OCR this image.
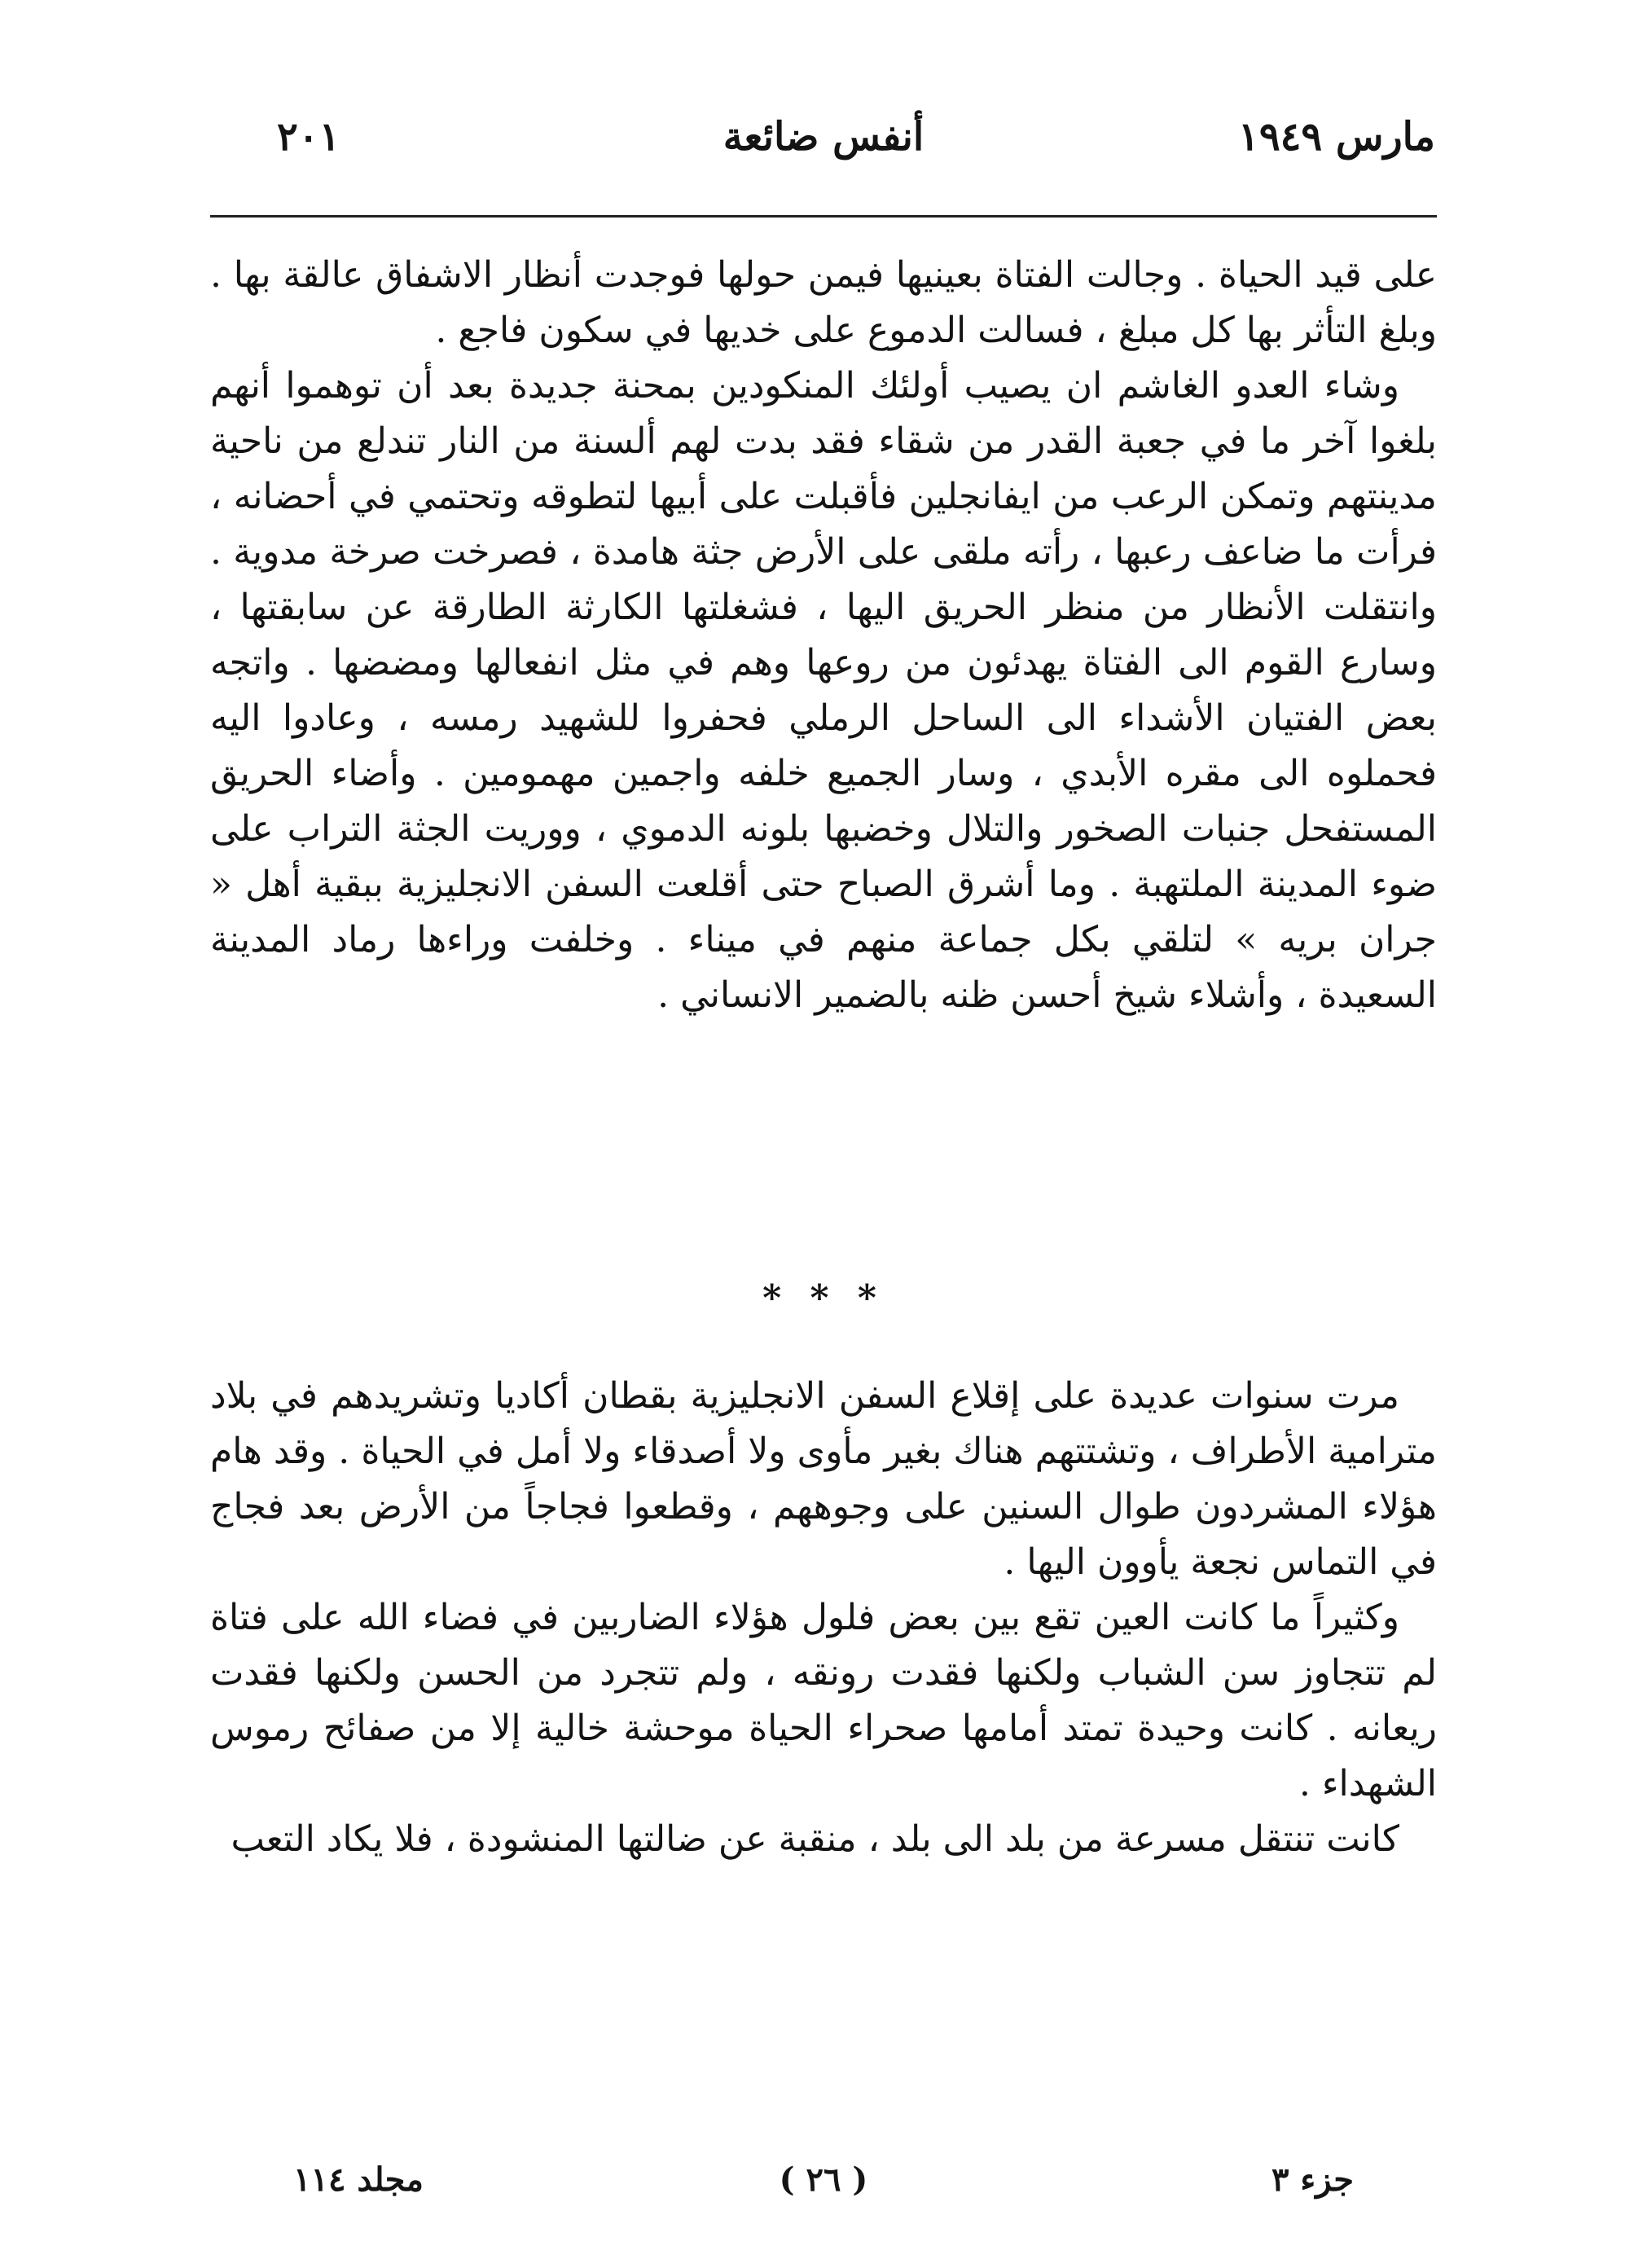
مارس ١٩٤٩
أنفس ضائعة
٢٠١

على قيد الحياة . وجالت الفتاة بعينيها فيمن حولها فوجدت أنظار الاشفاق عالقة بها . وبلغ التأثر بها كل مبلغ ، فسالت الدموع على خديها في سكون فاجع .

وشاء العدو الغاشم ان يصيب أولئك المنكودين بمحنة جديدة بعد أن توهموا أنهم بلغوا آخر ما في جعبة القدر من شقاء فقد بدت لهم ألسنة من النار تندلع من ناحية مدينتهم وتمكن الرعب من ايفانجلين فأقبلت على أبيها لتطوقه وتحتمي في أحضانه ، فرأت ما ضاعف رعبها ، رأته ملقى على الأرض جثة هامدة ، فصرخت صرخة مدوية . وانتقلت الأنظار من منظر الحريق اليها ، فشغلتها الكارثة الطارقة عن سابقتها ، وسارع القوم الى الفتاة يهدئون من روعها وهم في مثل انفعالها ومضضها . واتجه بعض الفتيان الأشداء الى الساحل الرملي فحفروا للشهيد رمسه ، وعادوا اليه فحملوه الى مقره الأبدي ، وسار الجميع خلفه واجمين مهمومين . وأضاء الحريق المستفحل جنبات الصخور والتلال وخضبها بلونه الدموي ، ووريت الجثة التراب على ضوء المدينة الملتهبة . وما أشرق الصباح حتى أقلعت السفن الانجليزية ببقية أهل « جران بريه » لتلقي بكل جماعة منهم في ميناء . وخلفت وراءها رماد المدينة السعيدة ، وأشلاء شيخ أحسن ظنه بالضمير الانساني .

* * *

مرت سنوات عديدة على إقلاع السفن الانجليزية بقطان أكاديا وتشريدهم في بلاد مترامية الأطراف ، وتشتتهم هناك بغير مأوى ولا أصدقاء ولا أمل في الحياة . وقد هام هؤلاء المشردون طوال السنين على وجوههم ، وقطعوا فجاجاً من الأرض بعد فجاج في التماس نجعة يأوون اليها .

وكثيراً ما كانت العين تقع بين بعض فلول هؤلاء الضاربين في فضاء الله على فتاة لم تتجاوز سن الشباب ولكنها فقدت رونقه ، ولم تتجرد من الحسن ولكنها فقدت ريعانه . كانت وحيدة تمتد أمامها صحراء الحياة موحشة خالية إلا من صفائح رموس الشهداء .

كانت تنتقل مسرعة من بلد الى بلد ، منقبة عن ضالتها المنشودة ، فلا يكاد التعب

جزء ٣
( ٢٦ )
مجلد ١١٤
